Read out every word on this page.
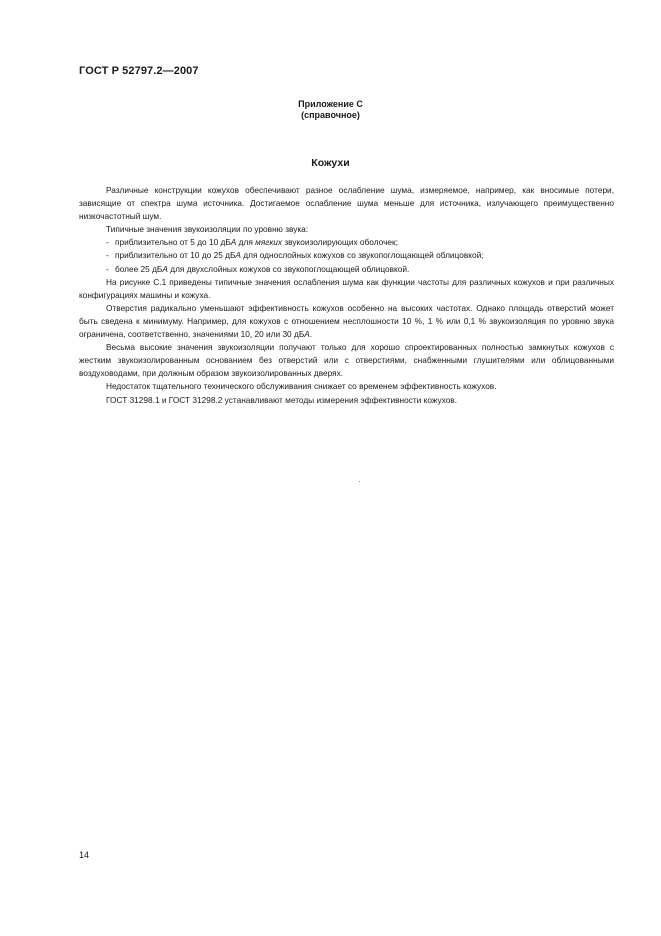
ГОСТ Р 52797.2—2007
Приложение С
(справочное)
Кожухи

Различные конструкции кожухов обеспечивают разное ослабление шума, измеряемое, например, как вносимые потери, зависящие от спектра шума источника. Достигаемое ослабление шума меньше для источника, излучающего преимущественно низкочастотный шум.

Типичные значения звукоизоляции по уровню звука:

- приблизительно от 5 до 10 дБА для мягких звукоизолирующих оболочек;
- приблизительно от 10 до 25 дБА для однослойных кожухов со звукопоглощающей облицовкой;
- более 25 дБА для двухслойных кожухов со звукопоглощающей облицовкой.

На рисунке С.1 приведены типичные значения ослабления шума как функции частоты для различных кожухов и при различных конфигурациях машины и кожуха.

Отверстия радикально уменьшают эффективность кожухов особенно на высоких частотах. Однако площадь отверстий может быть сведена к минимуму. Например, для кожухов с отношением несплошности 10 %, 1 % или 0,1 % звукоизоляция по уровню звука ограничена, соответственно, значениями 10, 20 или 30 дБА.

Весьма высокие значения звукоизоляции получают только для хорошо спроектированных полностью замкнутых кожухов с жестким звукоизолированным основанием без отверстий или с отверстиями, снабженными глушителями или облицованными воздуховодами, при должным образом звукоизолированных дверях.

Недостаток тщательного технического обслуживания снижает со временем эффективность кожухов.

ГОСТ 31298.1 и ГОСТ 31298.2 устанавливают методы измерения эффективности кожухов.

14
